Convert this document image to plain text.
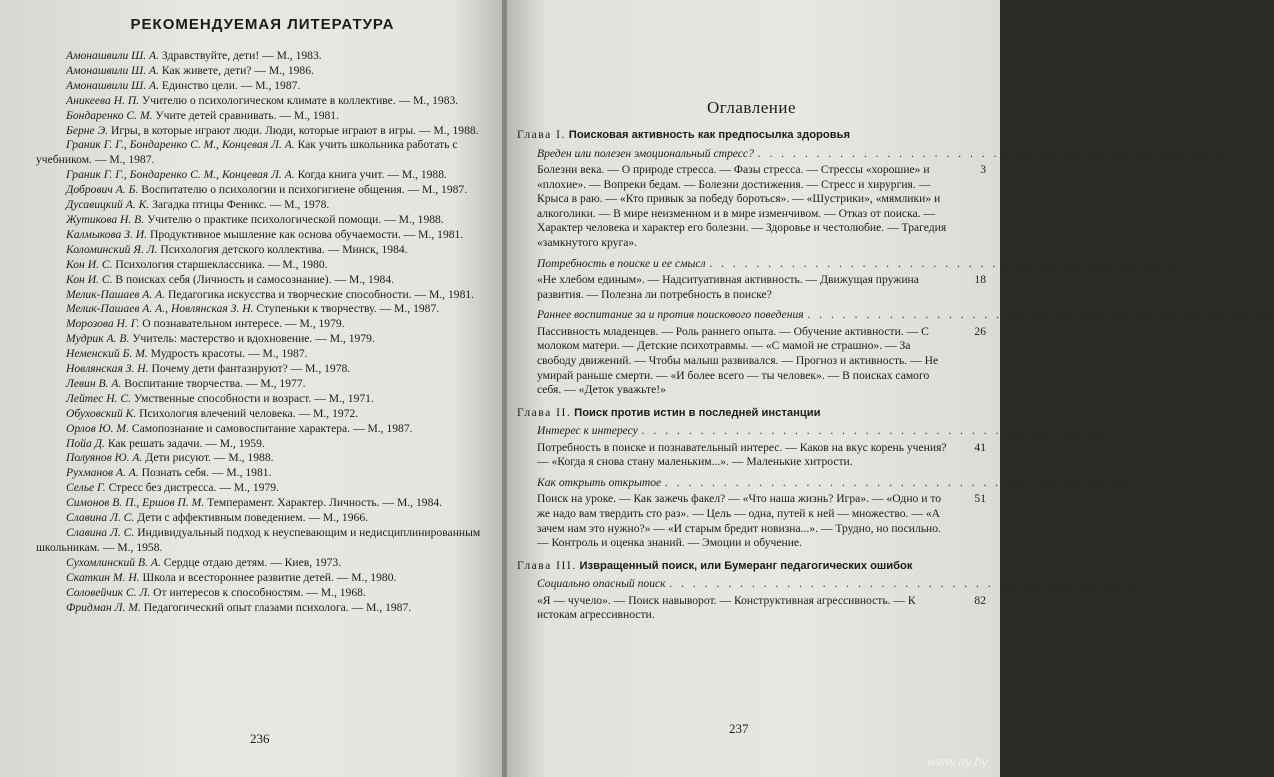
РЕКОМЕНДУЕМАЯ ЛИТЕРАТУРА
Амонашвили Ш. А. Здравствуйте, дети! — М., 1983.
Амонашвили Ш. А. Как живете, дети? — М., 1986.
Амонашвили Ш. А. Единство цели. — М., 1987.
Аникеева Н. П. Учителю о психологическом климате в коллективе. — М., 1983.
Бондаренко С. М. Учите детей сравнивать. — М., 1981.
Берне Э. Игры, в которые играют люди. Люди, которые играют в игры. — М., 1988.
Граник Г. Г., Бондаренко С. М., Концевая Л. А. Как учить школьника работать с учебником. — М., 1987.
Граник Г. Г., Бондаренко С. М., Концевая Л. А. Когда книга учит. — М., 1988.
Добрович А. Б. Воспитателю о психологии и психогигиене общения. — М., 1987.
Дусавицкий А. К. Загадка птицы Феникс. — М., 1978.
Жутикова Н. В. Учителю о практике психологической помощи. — М., 1988.
Калмыкова З. И. Продуктивное мышление как основа обучаемости. — М., 1981.
Коломинский Я. Л. Психология детского коллектива. — Минск, 1984.
Кон И. С. Психология старшеклассника. — М., 1980.
Кон И. С. В поисках себя (Личность и самосознание). — М., 1984.
Мелик-Пашаев А. А. Педагогика искусства и творческие способности. — М., 1981.
Мелик-Пашаев А. А., Новлянская З. Н. Ступеньки к творчеству. — М., 1987.
Морозова Н. Г. О познавательном интересе. — М., 1979.
Мудрик А. В. Учитель: мастерство и вдохновение. — М., 1979.
Неменский Б. М. Мудрость красоты. — М., 1987.
Новлянская З. Н. Почему дети фантазируют? — М., 1978.
Левин В. А. Воспитание творчества. — М., 1977.
Лейтес Н. С. Умственные способности и возраст. — М., 1971.
Обуховский К. Психология влечений человека. — М., 1972.
Орлов Ю. М. Самопознание и самовоспитание характера. — М., 1987.
Пойа Д. Как решать задачи. — М., 1959.
Полуянов Ю. А. Дети рисуют. — М., 1988.
Рухманов А. А. Познать себя. — М., 1981.
Селье Г. Стресс без дистресса. — М., 1979.
Симонов В. П., Ершов П. М. Темперамент. Характер. Личность. — М., 1984.
Славина Л. С. Дети с аффективным поведением. — М., 1966.
Славина Л. С. Индивидуальный подход к неуспевающим и недисциплинированным школьникам. — М., 1958.
Сухомлинский В. А. Сердце отдаю детям. — Киев, 1973.
Скаткин М. Н. Школа и всестороннее развитие детей. — М., 1980.
Соловейчик С. Л. От интересов к способностям. — М., 1968.
Фридман Л. М. Педагогический опыт глазами психолога. — М., 1987.
236
Оглавление
Глава I. Поисковая активность как предпосылка здоровья
Вреден или полезен эмоциональный стресс? . . . . . . . . . . . . . . . . . . . . . . . . . . . . . . . . . . . . . . . .
Болезни века. — О природе стресса. — Фазы стресса. — Стрессы «хорошие» и «плохие». — Вопреки бедам. — Болезни достижения. — Стресс и хирургия. — Крыса в раю. — «Кто привык за победу бороться». — «Шустрики», «мямлики» и алкоголики. — В мире неизменном и в мире изменчивом. — Отказ от поиска. — Характер человека и характер его болезни. — Здоровье и честолюбие. — Трагедия «замкнутого круга».
3
Потребность в поиске и ее смысл . . . . . . . . . . . . . . . . . . . . . . . . . . . . . . . . . . . . . . . .
«Не хлебом единым». — Надситуативная активность. — Движущая пружина развития. — Полезна ли потребность в поиске?
18
Раннее воспитание за и против поискового поведения . . . . . . . . . . . . . . . . . . . . . . . . . . . . . . . . . . . . . . . .
Пассивность младенцев. — Роль раннего опыта. — Обучение активности. — С молоком матери. — Детские психотравмы. — «С мамой не страшно». — За свободу движений. — Чтобы малыш развивался. — Прогноз и активность. — Не умирай раньше смерти. — «И более всего — ты человек». — В поисках самого себя. — «Деток уважьте!»
26
Глава II. Поиск против истин в последней инстанции
Интерес к интересу . . . . . . . . . . . . . . . . . . . . . . . . . . . . . . . . . . . . . . . .
Потребность в поиске и познавательный интерес. — Каков на вкус корень учения? — «Когда я снова стану маленьким...». — Маленькие хитрости.
41
Как открыть открытое . . . . . . . . . . . . . . . . . . . . . . . . . . . . . . . . . . . . . . . .
Поиск на уроке. — Как зажечь факел? — «Что наша жизнь? Игра». — «Одно и то же надо вам твердить сто раз». — Цель — одна, путей к ней — множество. — «А зачем нам это нужно?» — «И старым бредит новизна...». — Трудно, но посильно. — Контроль и оценка знаний. — Эмоции и обучение.
51
Глава III. Извращенный поиск, или Бумеранг педагогических ошибок
Социально опасный поиск . . . . . . . . . . . . . . . . . . . . . . . . . . . . . . . . . . . . . . . .
«Я — чучело». — Поиск навыворот. — Конструктивная агрессивность. — К истокам агрессивности.
82
237
www.ay.by
